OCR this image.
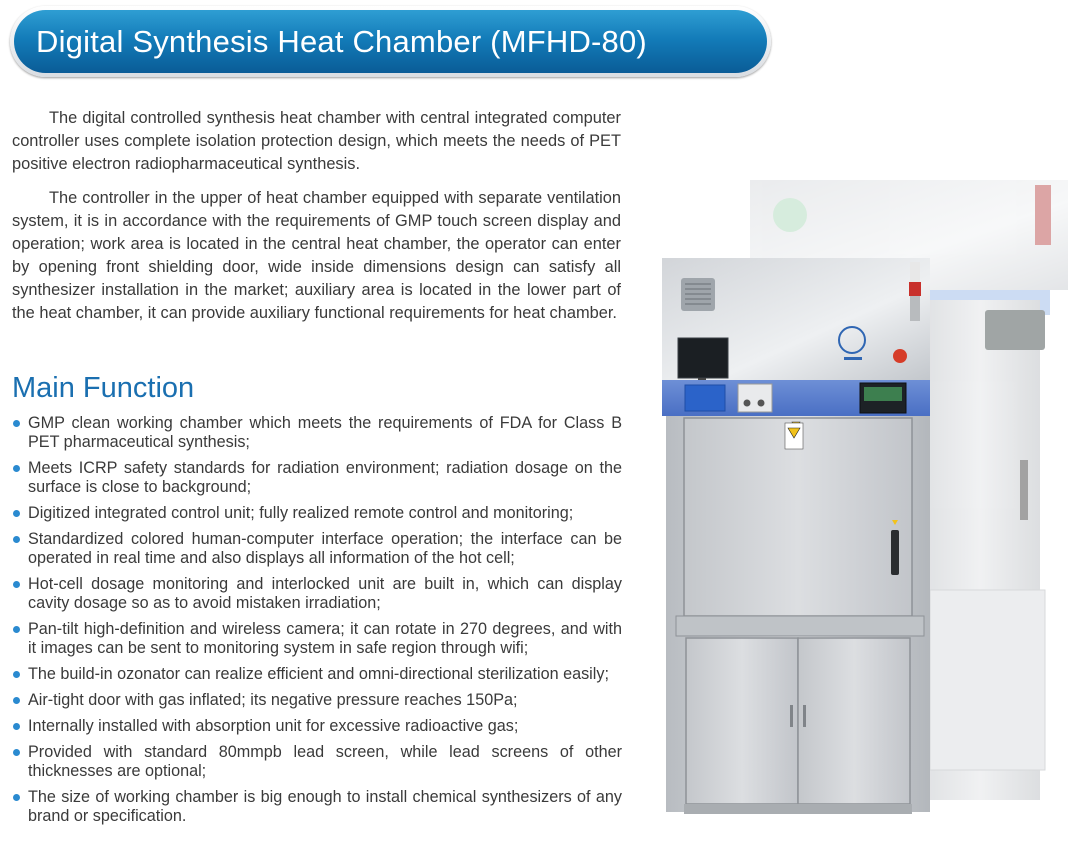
Digital Synthesis Heat Chamber (MFHD-80)

The digital controlled synthesis heat chamber with central integrated computer controller uses complete isolation protection design, which meets the needs of PET positive electron radiopharmaceutical synthesis.

The controller in the upper of heat chamber equipped with separate ventilation system, it is in accordance with the requirements of GMP touch screen display and operation; work area is located in the central heat chamber, the operator can enter by opening front shielding door, wide inside dimensions design can satisfy all synthesizer installation in the market; auxiliary area is located in the lower part of the heat chamber, it can provide auxiliary functional requirements for heat chamber.

Main Function
GMP clean working chamber which meets the requirements of FDA for Class B PET pharmaceutical synthesis;
Meets ICRP safety standards for radiation environment; radiation dosage on the surface is close to background;
Digitized integrated control unit; fully realized remote control and monitoring;
Standardized colored human-computer interface operation; the interface can be operated in real time and also displays all information of the hot cell;
Hot-cell dosage monitoring and interlocked unit are built in, which can display cavity dosage so as to avoid mistaken irradiation;
Pan-tilt high-definition and wireless camera; it can rotate in 270 degrees, and with it images can be sent to monitoring system in safe region through wifi;
The build-in ozonator can realize efficient and omni-directional sterilization easily;
Air-tight door with gas inflated; its negative pressure reaches 150Pa;
Internally installed with absorption unit for excessive radioactive gas;
Provided with standard 80mmpb lead screen, while lead screens of other thicknesses are optional;
The size of working chamber is big enough to install chemical synthesizers of any brand or specification.
